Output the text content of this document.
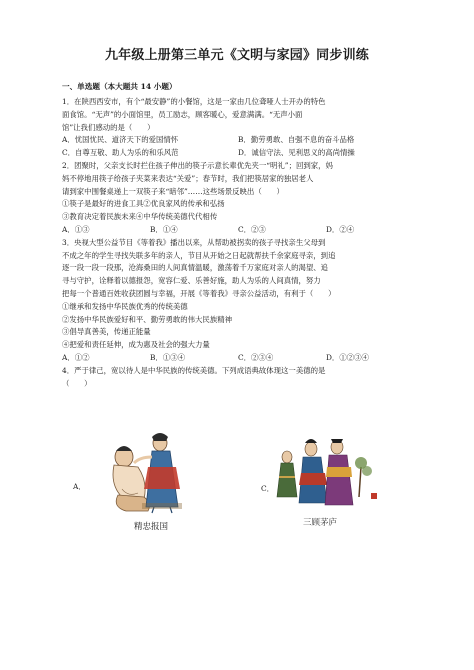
九年级上册第三单元《文明与家园》同步训练
一、单选题（本大题共 14 小题）
1．在陕西西安市，有个“最安静”的小餐馆，这是一家由几位聋哑人士开办的特色
面食馆。“无声”的小面馆里，员工励志，顾客暖心，爱意满满。“无声小面
馆”让我们感动的是（　　）
A．忧国忧民、道济天下的爱国情怀	B．勤劳勇敢、自强不息的奋斗品格
C．自尊互敬、助人为乐的和乐风范	D．诚信守法、见利思义的高尚情操
2．团聚时，父亲支长时拦住孩子伸出的筷子示意长辈优先夹一“明礼”；回到家，妈
妈不停地用筷子给孩子夹菜来表达“关爱”；春节时，我们把筷居家的独居老人
请到家中围餐桌递上一双筷子来“暗邻”……这些场景反映出（　　）
①筷子是最好的进食工具②优良家风的传承和弘扬
③教育决定着民族未来④中华传统美德代代相传
A．①③	B．①④	C．②③	D．②④
3．央视大型公益节目《等着我》播出以来，从帮助被拐卖的孩子寻找亲生父母到
不成之年的学生寻找失联多年的亲人，节目从开始之日起就帮扶千余家庭寻亲，到追
逐一段一段一段那，沧海桑田的人间真情温暖，激荡着千万家庭对亲人的渴望、追
寻与守护，诠释着以德报怨，宽容仁爱、乐善好施，助人为乐的人间真情，努力
把每一个普通百姓收获团圆与幸福，开展《等着我》寻亲公益活动，有利于（　　）
①继承和发扬中华民族优秀的传统美德
②发扬中华民族爱好和平、勤劳勇敢的伟大民族精神
③倡导真善美，传递正能量
④把爱和责任延伸，成为惠及社会的强大力量
A．①②	B．①③④	C．②③④	D．①②③④
4．严于律己，宽以待人是中华民族的传统美德。下列成语典故体现这一美德的是
（　　）
A．
精忠报国
C．
三顾茅庐
